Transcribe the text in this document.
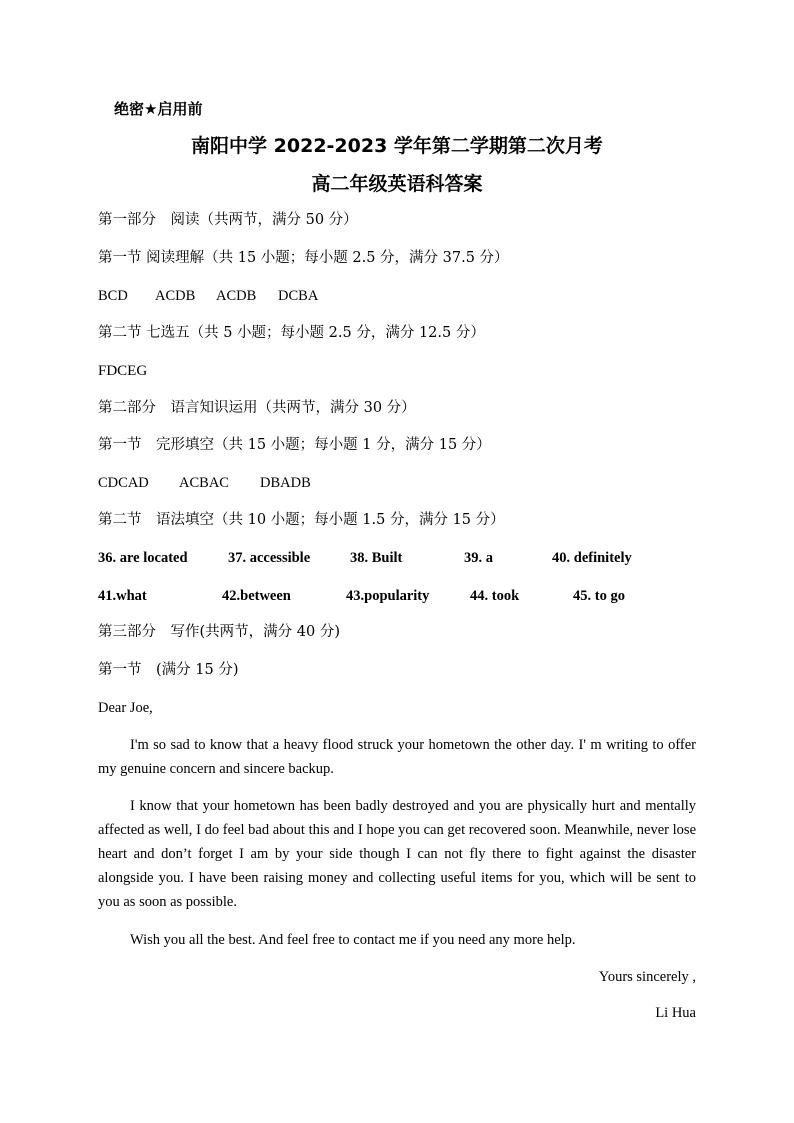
绝密★启用前
南阳中学 2022-2023 学年第二学期第二次月考
高二年级英语科答案
第一部分　阅读（共两节，满分 50 分）
第一节 阅读理解（共 15 小题；每小题 2.5 分，满分 37.5 分）
BCD ACDB ACDB DCBA
第二节 七选五（共 5 小题；每小题 2.5 分，满分 12.5 分）
FDCEG
第二部分　语言知识运用（共两节，满分 30 分）
第一节　完形填空（共 15 小题；每小题 1 分，满分 15 分）
CDCAD ACBAC DBADB
第二节　语法填空（共 10 小题；每小题 1.5 分，满分 15 分）
36. are located	37. accessible	38. Built	39. a	40. definitely
41.what	42.between	43.popularity	44. took	45. to go
第三部分　写作(共两节，满分 40 分)
第一节　(满分 15 分)
Dear Joe,
I'm so sad to know that a heavy flood struck your hometown the other day. I' m writing to offer my genuine concern and sincere backup.
I know that your hometown has been badly destroyed and you are physically hurt and mentally affected as well, I do feel bad about this and I hope you can get recovered soon. Meanwhile, never lose heart and don’t forget I am by your side though I can not fly there to fight against the disaster alongside you. I have been raising money and collecting useful items for you, which will be sent to you as soon as possible.
Wish you all the best. And feel free to contact me if you need any more help.
Yours sincerely ,
Li Hua
